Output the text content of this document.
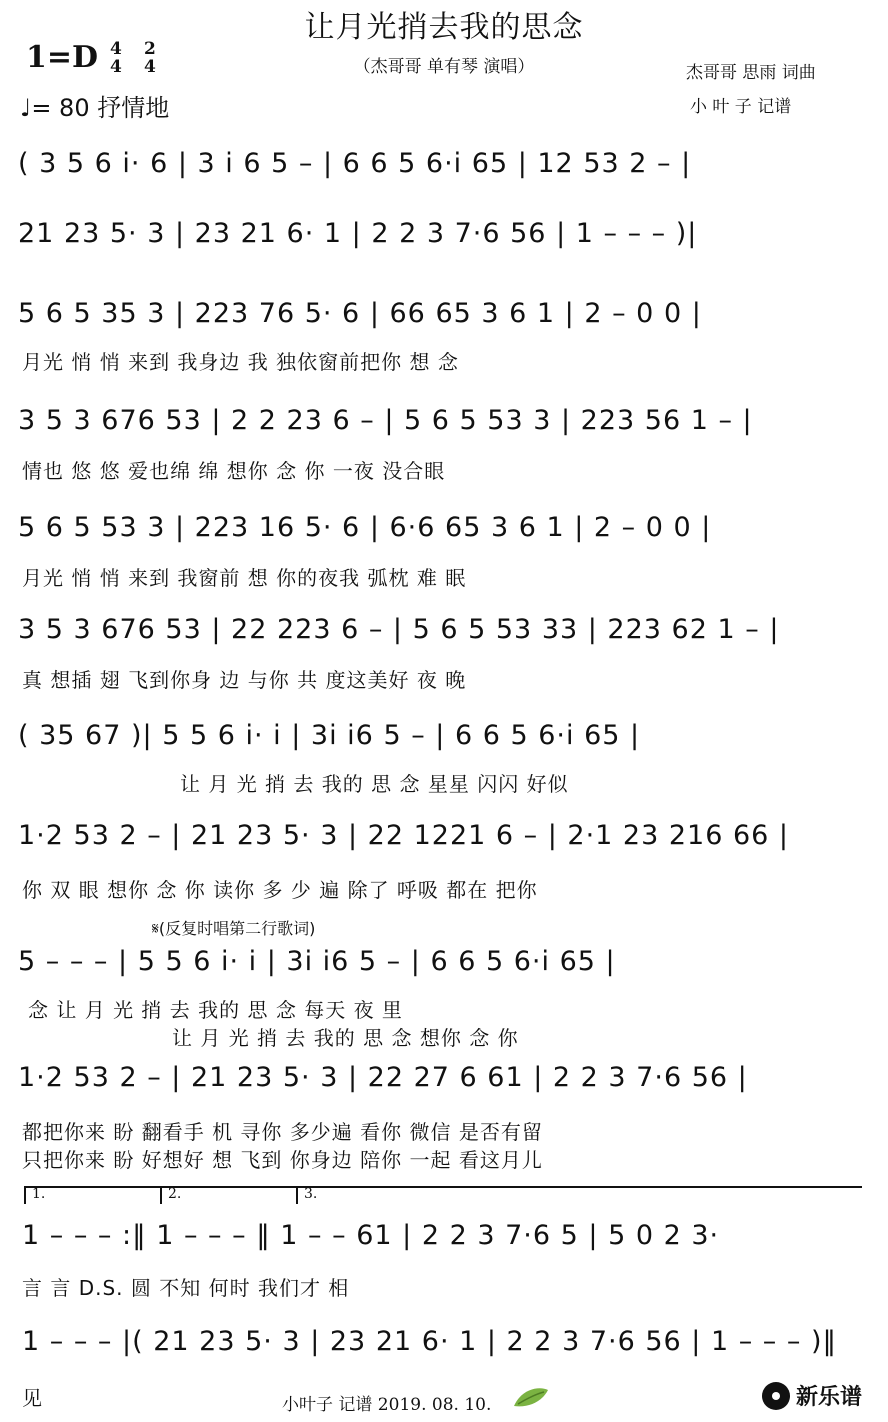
让月光捎去我的思念
（杰哥哥 单有琴 演唱）
1=D 4
4
2
4
♩= 80 抒情地
杰哥哥 思雨 词曲
小 叶 子 记谱
( 3 5 6 i· 6 | 3 i 6 5 – | 6 6 5 6·i 65 | 12 53 2 – |
21 23 5· 3 | 23 21 6· 1 | 2 2 3 7·6 56 | 1 – – – )|
5 6 5 35 3 | 223 76 5· 6 | 66 65 3 6 1 | 2 – 0 0 |
月光 悄 悄 来到 我身边 我 独依窗前把你 想 念
3 5 3 676 53 | 2 2 23 6 – | 5 6 5 53 3 | 223 56 1 – |
情也 悠 悠 爱也绵 绵 想你 念 你 一夜 没合眼
5 6 5 53 3 | 223 16 5· 6 | 6·6 65 3 6 1 | 2 – 0 0 |
月光 悄 悄 来到 我窗前 想 你的夜我 弧枕 难 眠
3 5 3 676 53 | 22 223 6 – | 5 6 5 53 33 | 223 62 1 – |
真 想插 翅 飞到你身 边 与你 共 度这美好 夜 晚
( 35 67 )| 5 5 6 i· i | 3i i6 5 – | 6 6 5 6·i 65 |
让 月 光 捎 去 我的 思 念 星星 闪闪 好似
1·2 53 2 – | 21 23 5· 3 | 22 1221 6 – | 2·1 23 216 66 |
你 双 眼 想你 念 你 读你 多 少 遍 除了 呼吸 都在 把你
𝄋(反复时唱第二行歌词)
5 – – – | 5 5 6 i· i | 3i i6 5 – | 6 6 5 6·i 65 |
念 让 月 光 捎 去 我的 思 念 每天 夜 里
让 月 光 捎 去 我的 思 念 想你 念 你
1·2 53 2 – | 21 23 5· 3 | 22 27 6 61 | 2 2 3 7·6 56 |
都把你来 盼 翻看手 机 寻你 多少遍 看你 微信 是否有留
只把你来 盼 好想好 想 飞到 你身边 陪你 一起 看这月儿
1.	2.	3.
1 – – – :‖ 1 – – – ‖ 1 – – 61 | 2 2 3 7·6 5 | 5 0 2 3·
言 言 D.S. 圆 不知 何时 我们才 相
1 – – – |( 21 23 5· 3 | 23 21 6· 1 | 2 2 3 7·6 56 | 1 – – – )‖
见	小叶子 记谱 2019. 08. 10.	新乐谱
